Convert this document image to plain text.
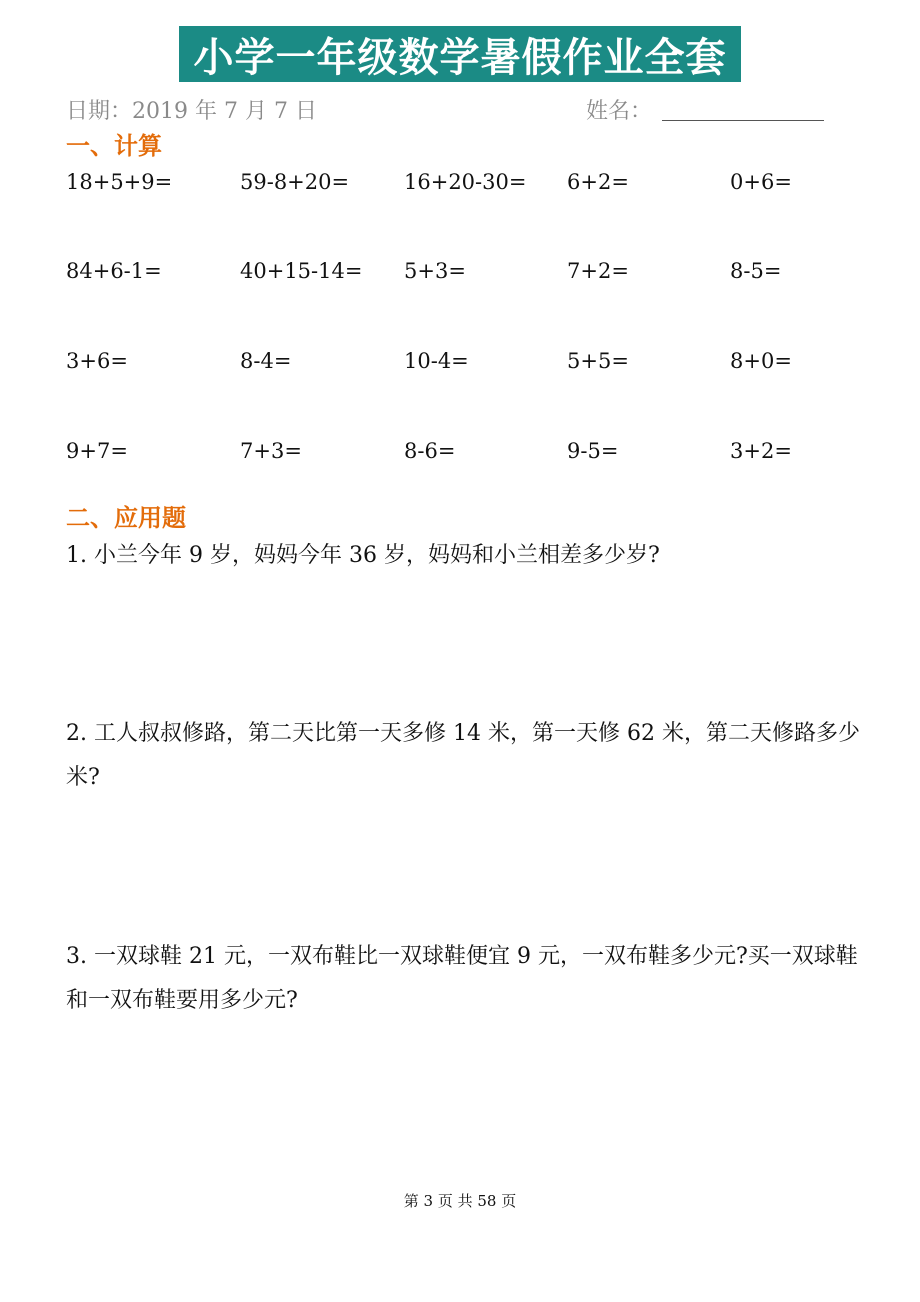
小学一年级数学暑假作业全套
日期：2019 年 7 月 7 日	姓名：
一、计算
18+5+9=	59-8+20=	16+20-30= 6+2=	0+6=
84+6-1=	40+15-14= 5+3=	7+2=	8-5=
3+6=	8-4=	10-4=	5+5=	8+0=
9+7=	7+3=	8-6=	9-5=	3+2=
二、应用题
1. 小兰今年 9 岁，妈妈今年 36 岁，妈妈和小兰相差多少岁?
2. 工人叔叔修路，第二天比第一天多修 14 米，第一天修 62 米，第二天修路多少米?
3. 一双球鞋 21 元，一双布鞋比一双球鞋便宜 9 元，一双布鞋多少元?买一双球鞋和一双布鞋要用多少元?
第 3 页 共 58 页
